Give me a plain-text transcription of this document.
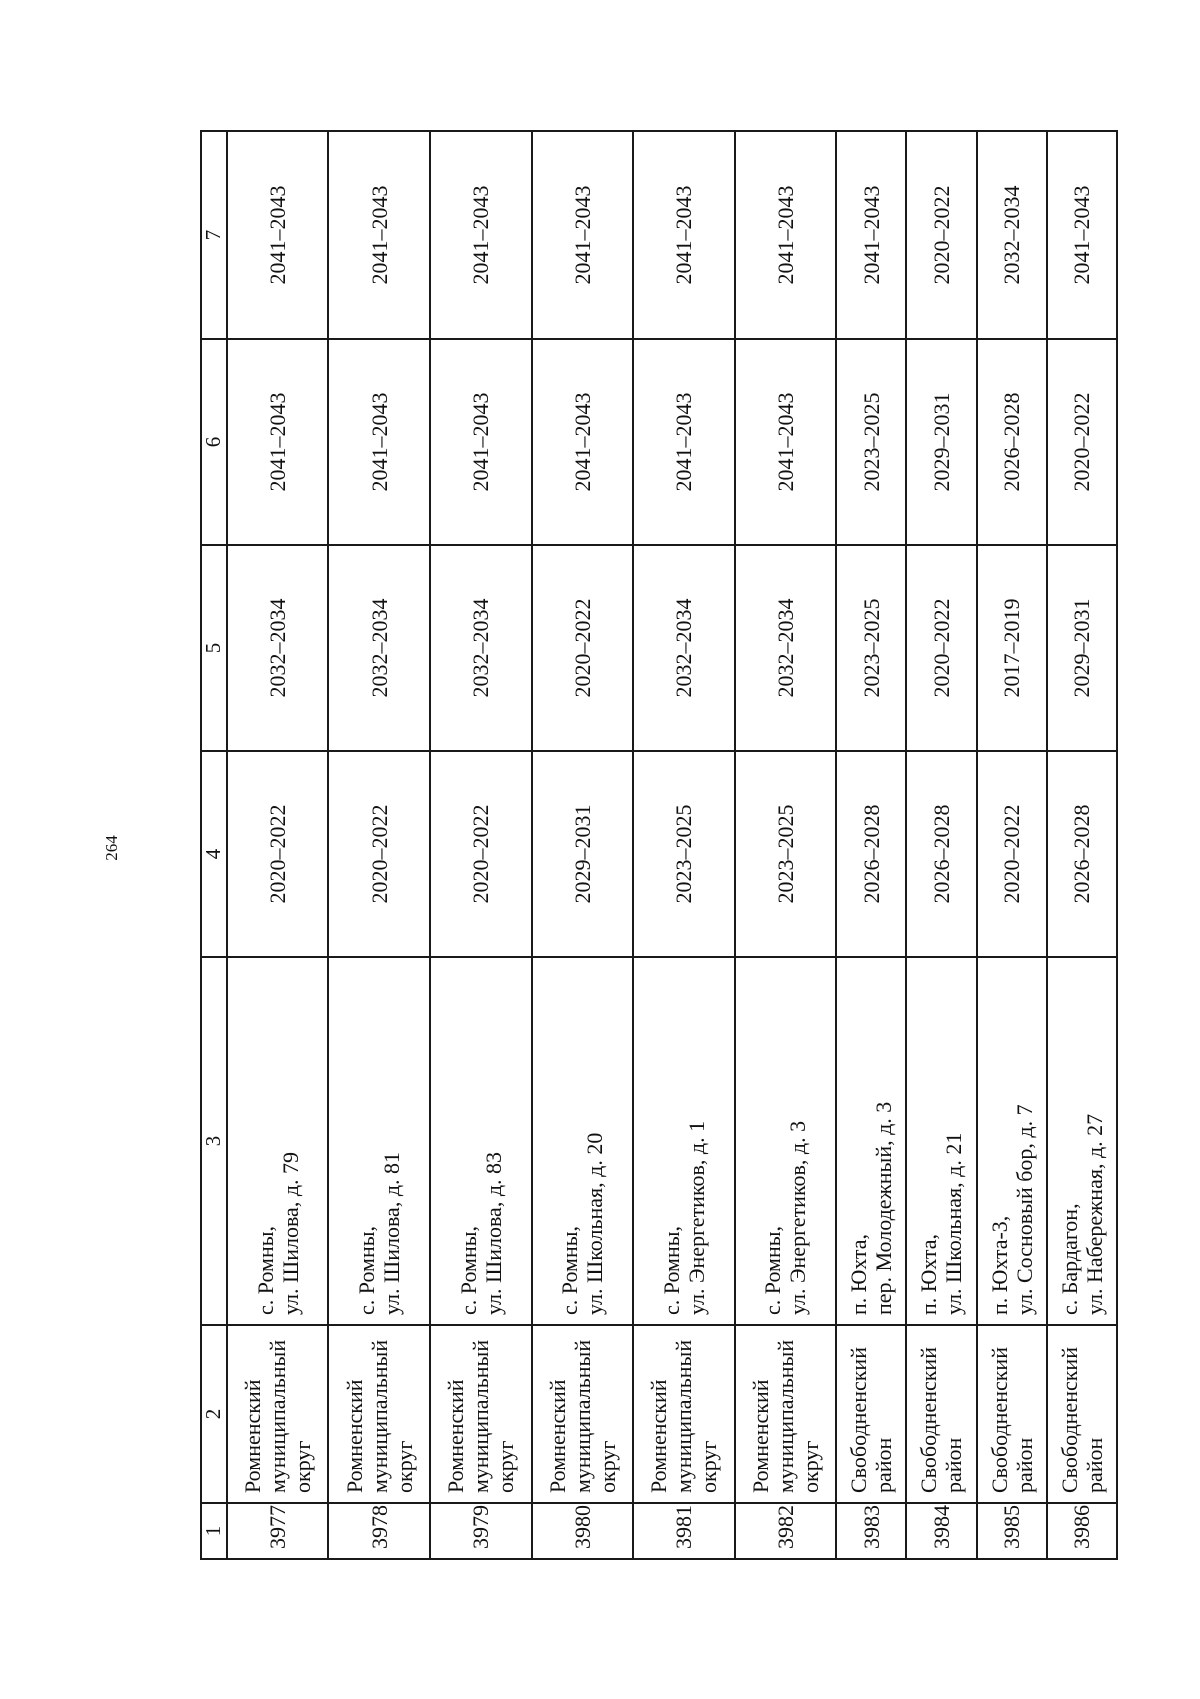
264
1	2	3	4	5	6	7
3977	Ромненский муниципальный округ	с. Ромны, ул. Шилова, д. 79	2020–2022	2032–2034	2041–2043	2041–2043
3978	Ромненский муниципальный округ	с. Ромны, ул. Шилова, д. 81	2020–2022	2032–2034	2041–2043	2041–2043
3979	Ромненский муниципальный округ	с. Ромны, ул. Шилова, д. 83	2020–2022	2032–2034	2041–2043	2041–2043
3980	Ромненский муниципальный округ	с. Ромны, ул. Школьная, д. 20	2029–2031	2020–2022	2041–2043	2041–2043
3981	Ромненский муниципальный округ	с. Ромны, ул. Энергетиков, д. 1	2023–2025	2032–2034	2041–2043	2041–2043
3982	Ромненский муниципальный округ	с. Ромны, ул. Энергетиков, д. 3	2023–2025	2032–2034	2041–2043	2041–2043
3983	Свободненский район	п. Юхта, пер. Молодежный, д. 3	2026–2028	2023–2025	2023–2025	2041–2043
3984	Свободненский район	п. Юхта, ул. Школьная, д. 21	2026–2028	2020–2022	2029–2031	2020–2022
3985	Свободненский район	п. Юхта-3, ул. Сосновый бор, д. 7	2020–2022	2017–2019	2026–2028	2032–2034
3986	Свободненский район	с. Бардагон, ул. Набережная, д. 27	2026–2028	2029–2031	2020–2022	2041–2043
